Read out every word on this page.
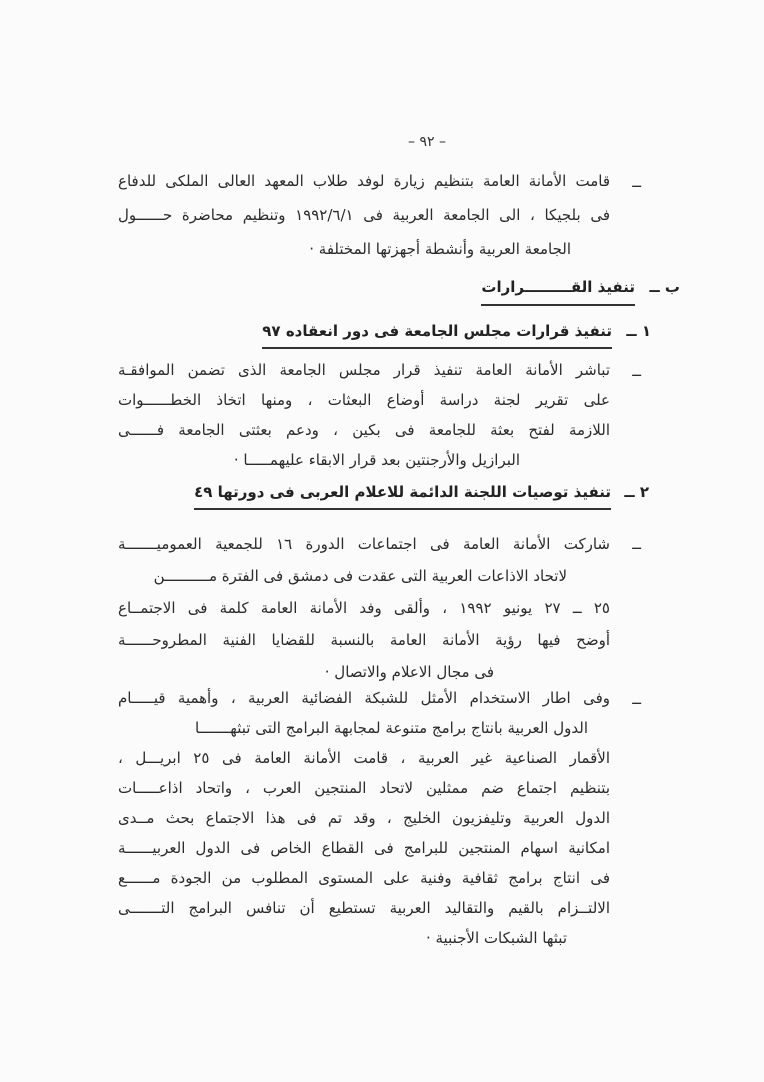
– ٩٢ –
ــ
قامت الأمانة العامة بتنظيم زيارة لوفد طلاب المعهد العالى الملكى للدفاع
فى بلجيكا ، الى الجامعة العربية فى ١٩٩٢/٦/١ وتنظيم محاضرة حــــــول
الجامعة العربية وأنشطة أجهزتها المختلفة ·
ب ــ
تنفيذ القـــــــــرارات
١ ــ
تنفيذ قرارات مجلس الجامعة فى دور انعقاده ٩٧
ــ
تباشر الأمانة العامة تنفيذ قرار مجلس الجامعة الذى تضمن الموافقـة
على تقرير لجنة دراسة أوضاع البعثات ، ومنها اتخاذ الخطــــــوات
اللازمة لفتح بعثة للجامعة فى بكين ، ودعم بعثتى الجامعة فــــــى
البرازيل والأرجنتين بعد قرار الابقاء عليهمـــــا ·
٢ ــ
تنفيذ توصيات اللجنة الدائمة للاعلام العربى فى دورتها ٤٩
ــ
شاركت الأمانة العامة فى اجتماعات الدورة ١٦ للجمعية العموميـــــــة
لاتحاد الاذاعات العربية التى عقدت فى دمشق فى الفترة مــــــــــن
٢٥ ــ ٢٧ يونيو ١٩٩٢ ، وألقى وفد الأمانة العامة كلمة فى الاجتمــاع
أوضح فيها رؤية الأمانة العامة بالنسبة للقضايا الفنية المطروحــــــة
فى مجال الاعلام والاتصال ·
ــ
وفى اطار الاستخدام الأمثل للشبكة الفضائية العربية ، وأهمية قيـــــام
الدول العربية بانتاج برامج متنوعة لمجابهة البرامج التى تبثهـــــــا
الأقمار الصناعية غير العربية ، قامت الأمانة العامة فى ٢٥ ابريـــل ،
بتنظيم اجتماع ضم ممثلين لاتحاد المنتجين العرب ، واتحاد اذاعـــــات
الدول العربية وتليفزيون الخليج ، وقد تم فى هذا الاجتماع بحث مــدى
امكانية اسهام المنتجين للبرامج فى القطاع الخاص فى الدول العربيــــــة
فى انتاج برامج ثقافية وفنية على المستوى المطلوب من الجودة مــــــع
الالتــزام بالقيم والتقاليد العربية تستطيع أن تنافس البرامج التـــــــى
تبثها الشبكات الأجنبية ·
